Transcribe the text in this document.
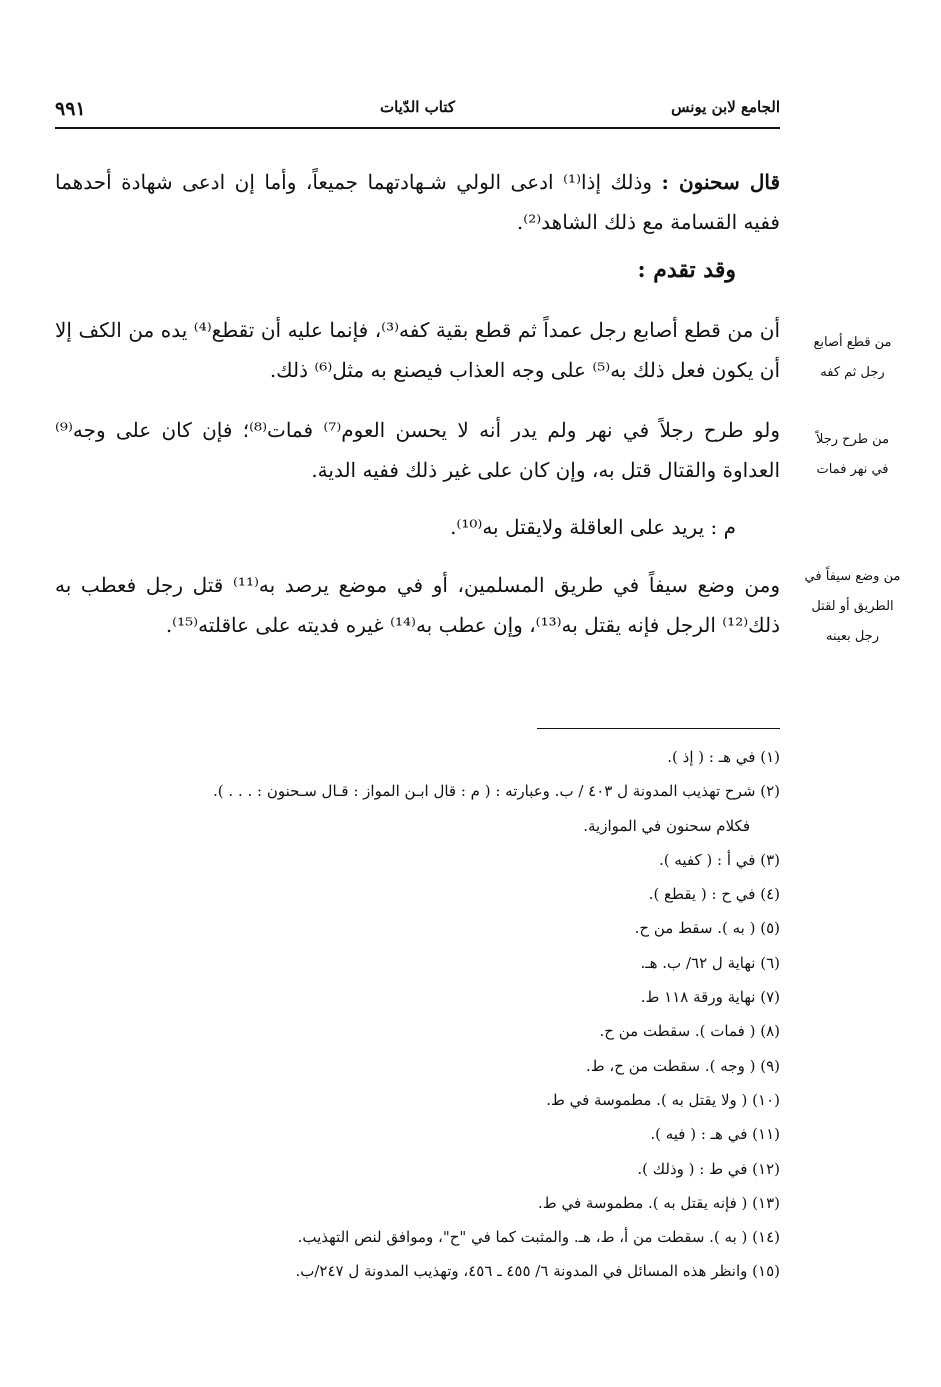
الجامع لابن يونس
كتاب الدّيات
٩٩١

قال سحنون : وذلك إذا⁽¹⁾ ادعى الولي شـهادتهما جميعاً، وأما إن ادعى شهادة أحدهما ففيه القسامة مع ذلك الشاهد⁽²⁾.

وقد تقدم :

أن من قطع أصابع رجل عمداً ثم قطع بقية كفه⁽³⁾، فإنما عليه أن تقطع⁽⁴⁾ يده من الكف إلا أن يكون فعل ذلك به⁽⁵⁾ على وجه العذاب فيصنع به مثل⁽⁶⁾ ذلك.

ولو طرح رجلاً في نهر ولم يدر أنه لا يحسن العوم⁽⁷⁾ فمات⁽⁸⁾؛ فإن كان على وجه⁽⁹⁾ العداوة والقتال قتل به، وإن كان على غير ذلك ففيه الدية.

م : يريد على العاقلة ولايقتل به⁽¹⁰⁾.

ومن وضع سيفاً في طريق المسلمين، أو في موضع يرصد به⁽¹¹⁾ قتل رجل فعطب به ذلك⁽¹²⁾ الرجل فإنه يقتل به⁽¹³⁾، وإن عطب به⁽¹⁴⁾ غيره فديته على عاقلته⁽¹⁵⁾.

من قطع أصابع
رجل ثم كفه
من طرح رجلاً
في نهر فمات
من وضع سيفاً في
الطريق أو لقتل
رجل بعينه
(١) في هـ : ( إذ ).
(٢) شرح تهذيب المدونة ل ٤٠٣ / ب. وعبارته : ( م : قال ابـن المواز : قـال سـحنون : . . . ).
فكلام سحنون في الموازية.
(٣) في أ : ( كفيه ).
(٤) في ح : ( يقطع ).
(٥) ( به ). سقط من ح.
(٦) نهاية ل ٦٢/ ب. هـ.
(٧) نهاية ورقة ١١٨ ط.
(٨) ( فمات ). سقطت من ح.
(٩) ( وجه ). سقطت من ح، ط.
(١٠) ( ولا يقتل به ). مطموسة في ط.
(١١) في هـ : ( فيه ).
(١٢) في ط : ( وذلك ).
(١٣) ( فإنه يقتل به ). مطموسة في ط.
(١٤) ( به ). سقطت من أ، ط، هـ. والمثبت كما في "ح"، وموافق لنص التهذيب.
(١٥) وانظر هذه المسائل في المدونة ٦/ ٤٥٥ ـ ٤٥٦، وتهذيب المدونة ل ٢٤٧/ب.
